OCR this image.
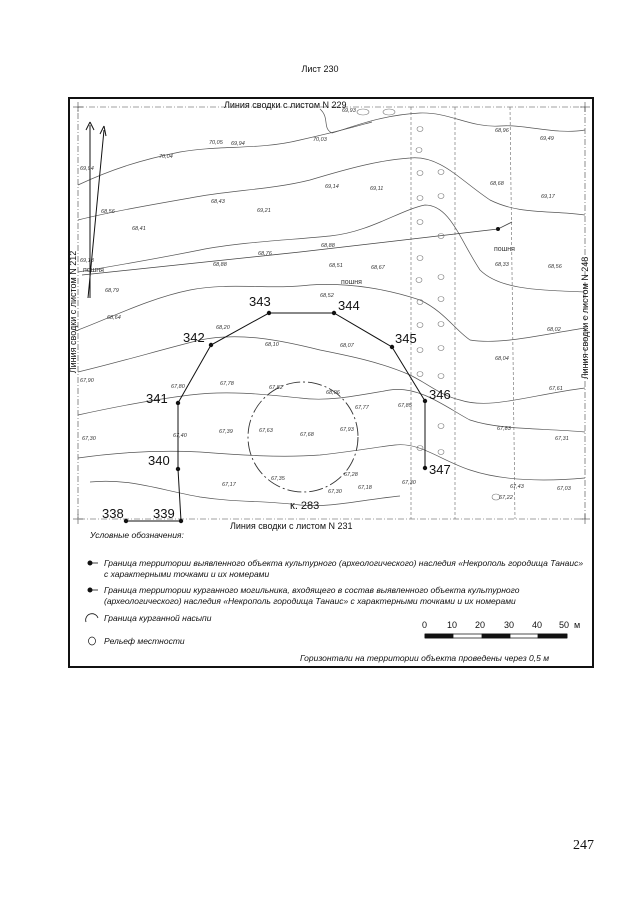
Лист 230
338 339
340
341
342
343	344
345
346
347
70,04
70,05 69,94
70,03
69,94
68,56
68,43
69,21
69,14	69,11
68,41
69,13
68,88
68,76
68,88
68,51	68,67
68,79
68,64
68,52
68,20
68,10	68,07
67,90
67,80	67,78
67,82
68,06
67,77	67,85
67,30	67,40
67,39	67,63
67,68
67,93
67,28
67,35
67,30
67,18
67,30
67,17
68,96
69,49
68,68
69,17
68,33	68,56
68,02
68,04
67,61
67,83
67,31
67,43	67,03
67,22
69,93
пошня
пошня
пошня
к. 283
Линия сводки с листом N 229
Линия сводки с листом N 231
Линия сводки с листом N 212	Линия сводки с листом N 248
Условные обозначения:
Граница территории выявленного объекта культурного (археологического) наследия «Некрополь городища Танаис» с характерными точками и их номерами
Граница территории курганного могильника, входящего в состав выявленного объекта культурного (археологического) наследия «Некрополь городища Танаис» с характерными точками и их номерами
Граница курганной насыпи
Рельеф местности
0 10 20 30 40 50 м
Горизонтали на территории объекта проведены через 0,5 м
247
